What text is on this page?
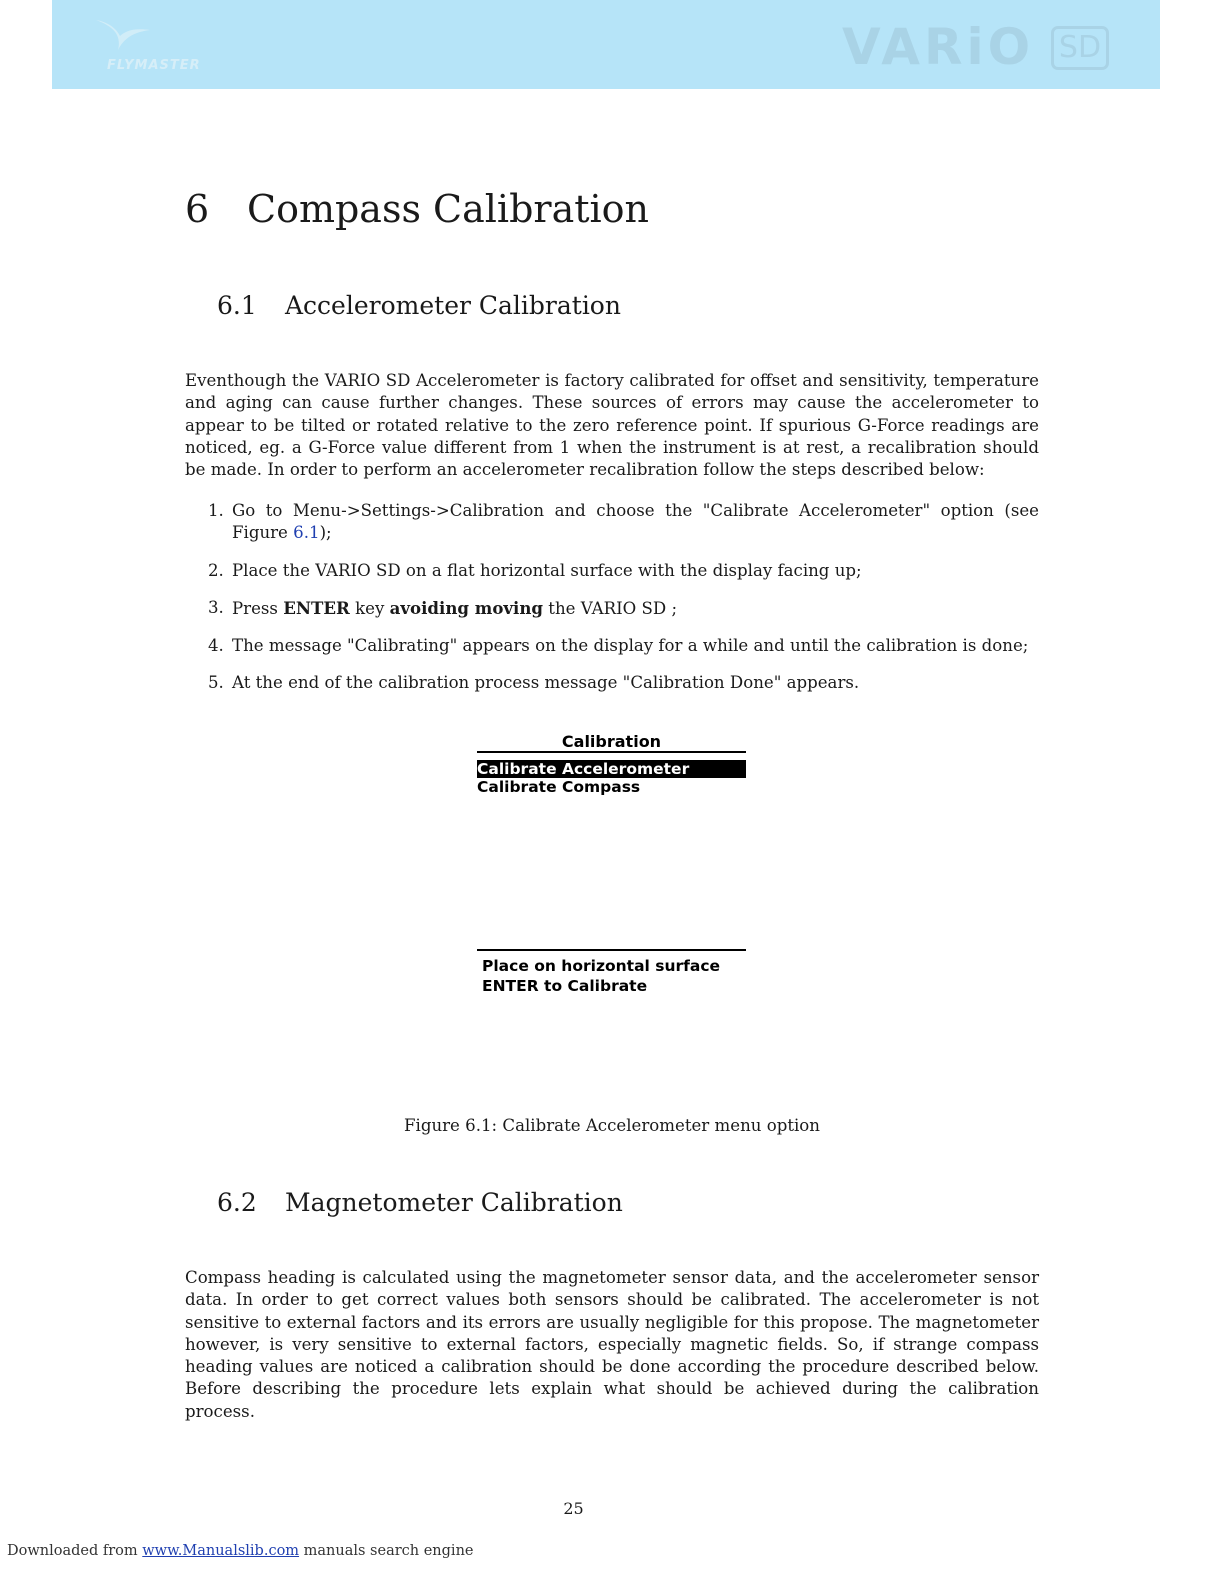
FLYMASTER	VARiO SD
6 Compass Calibration
6.1 Accelerometer Calibration
Eventhough the VARIO SD Accelerometer is factory calibrated for offset and sensitivity, temperature and aging can cause further changes. These sources of errors may cause the accelerometer to appear to be tilted or rotated relative to the zero reference point. If spurious G-Force readings are noticed, eg. a G-Force value different from 1 when the instrument is at rest, a recalibration should be made. In order to perform an accelerometer recalibration follow the steps described below:
1. Go to Menu->Settings->Calibration and choose the "Calibrate Accelerometer" option (see Figure 6.1);
2. Place the VARIO SD on a flat horizontal surface with the display facing up;
3. Press ENTER key avoiding moving the VARIO SD ;
4. The message "Calibrating" appears on the display for a while and until the calibration is done;
5. At the end of the calibration process message "Calibration Done" appears.
Calibration
Calibrate Accelerometer
Calibrate Compass
Place on horizontal surface
ENTER to Calibrate
Figure 6.1: Calibrate Accelerometer menu option
6.2 Magnetometer Calibration
Compass heading is calculated using the magnetometer sensor data, and the accelerometer sensor data. In order to get correct values both sensors should be calibrated. The accelerometer is not sensitive to external factors and its errors are usually negligible for this propose. The magnetometer however, is very sensitive to external factors, especially magnetic fields. So, if strange compass heading values are noticed a calibration should be done according the procedure described below. Before describing the procedure lets explain what should be achieved during the calibration process.
25
Downloaded from www.Manualslib.com manuals search engine
